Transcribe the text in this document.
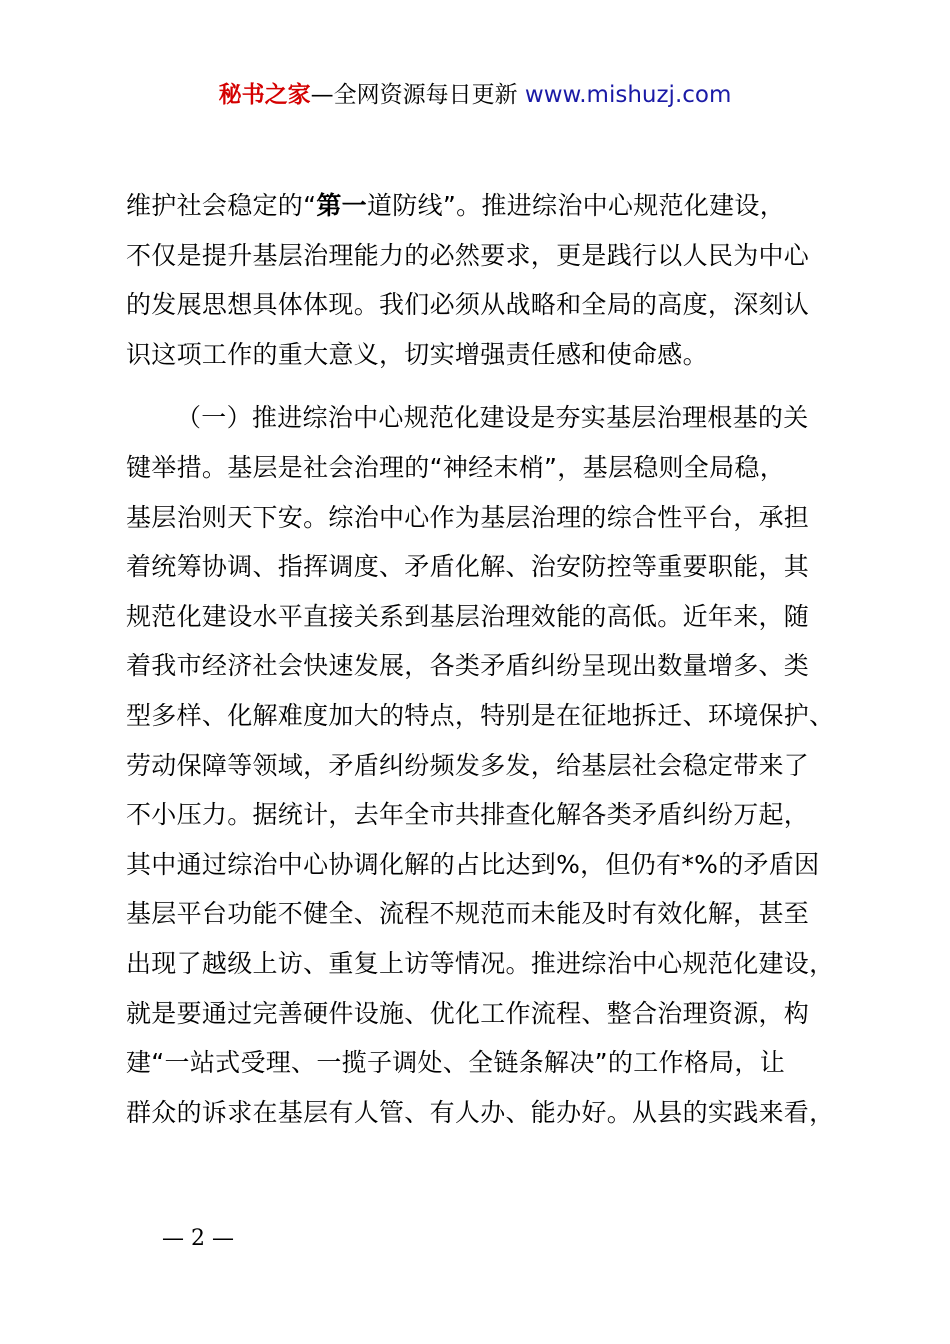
秘书之家—全网资源每日更新 www.mishuzj.com
维护社会稳定的“第一道防线”。推进综治中心规范化建设，
不仅是提升基层治理能力的必然要求，更是践行以人民为中心
的发展思想具体体现。我们必须从战略和全局的高度，深刻认
识这项工作的重大意义，切实增强责任感和使命感。
（一）推进综治中心规范化建设是夯实基层治理根基的关
键举措。基层是社会治理的“神经末梢”，基层稳则全局稳，
基层治则天下安。综治中心作为基层治理的综合性平台，承担
着统筹协调、指挥调度、矛盾化解、治安防控等重要职能，其
规范化建设水平直接关系到基层治理效能的高低。近年来，随
着我市经济社会快速发展，各类矛盾纠纷呈现出数量增多、类
型多样、化解难度加大的特点，特别是在征地拆迁、环境保护、
劳动保障等领域，矛盾纠纷频发多发，给基层社会稳定带来了
不小压力。据统计，去年全市共排查化解各类矛盾纠纷万起，
其中通过综治中心协调化解的占比达到%，但仍有*%的矛盾因
基层平台功能不健全、流程不规范而未能及时有效化解，甚至
出现了越级上访、重复上访等情况。推进综治中心规范化建设，
就是要通过完善硬件设施、优化工作流程、整合治理资源，构
建“一站式受理、一揽子调处、全链条解决”的工作格局，让
群众的诉求在基层有人管、有人办、能办好。从县的实践来看，
— 2 —
